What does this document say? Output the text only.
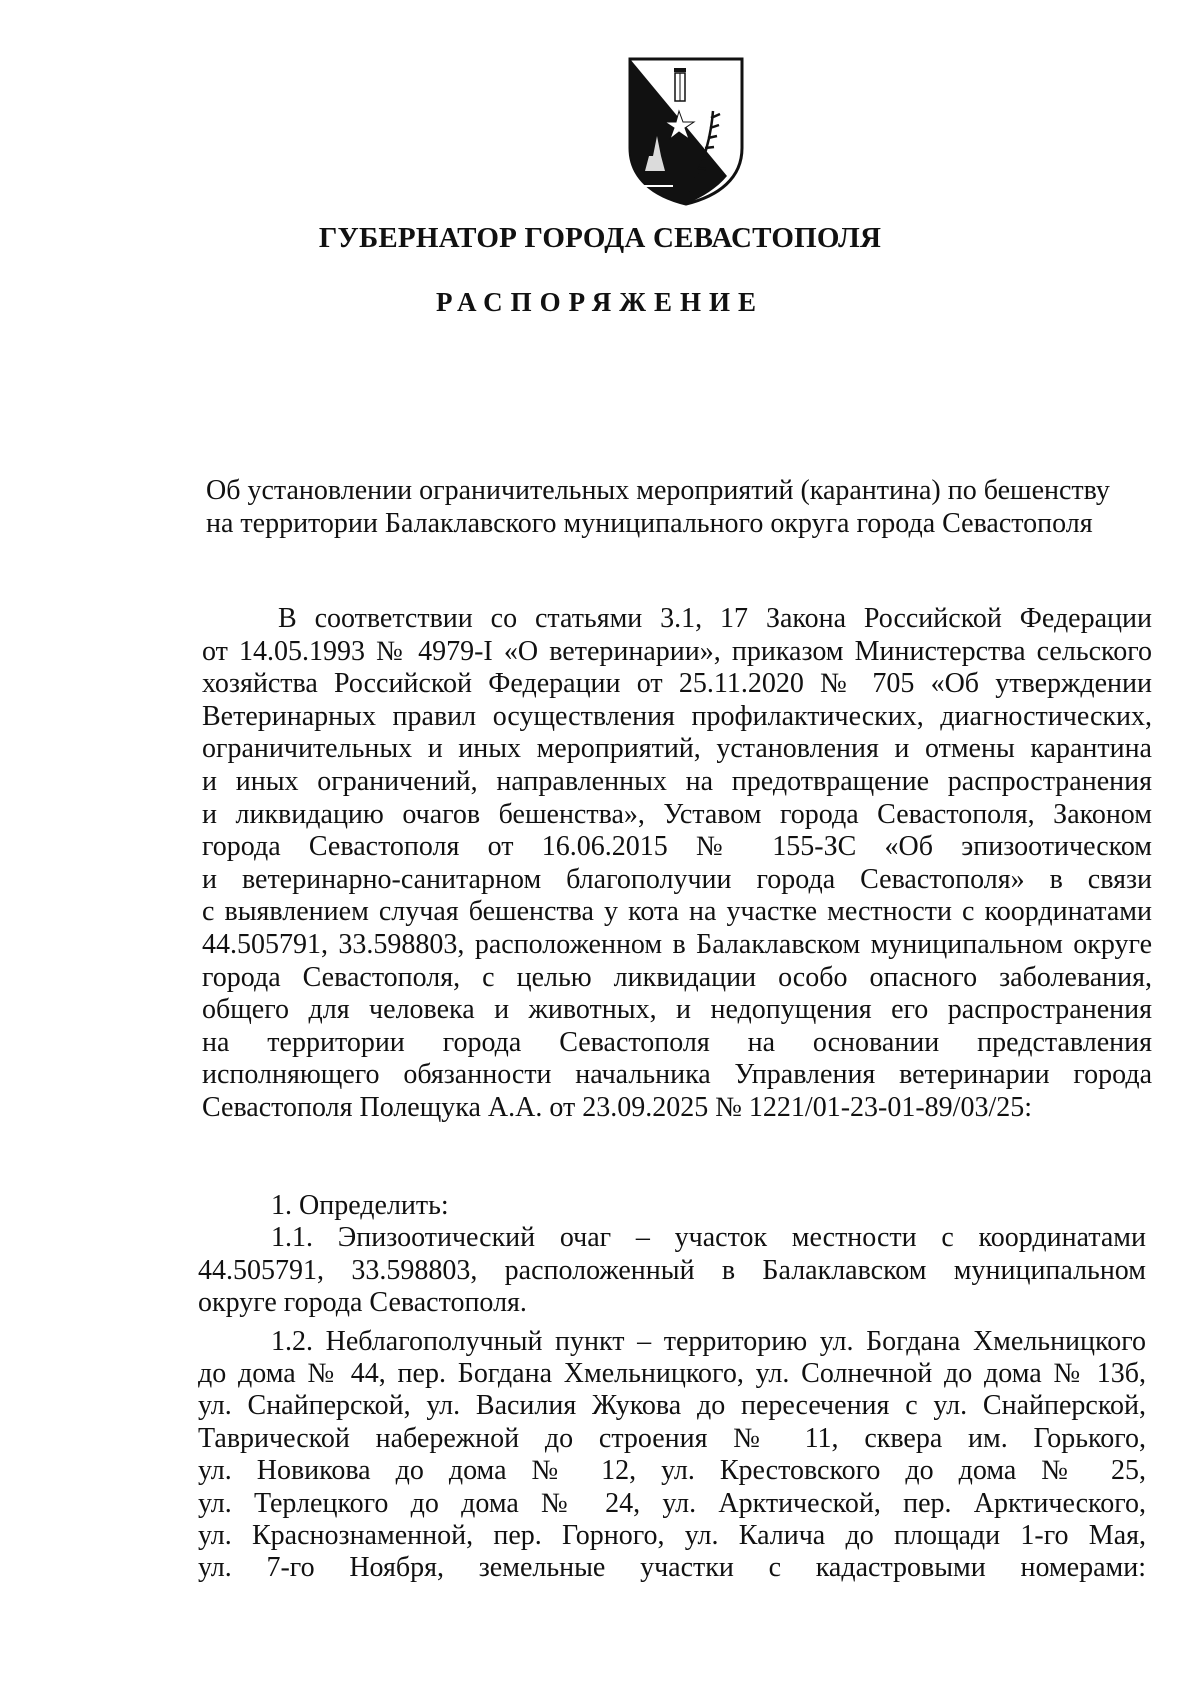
ГУБЕРНАТОР ГОРОДА СЕВАСТОПОЛЯ
РАСПОРЯЖЕНИЕ
Об установлении ограничительных мероприятий (карантина) по бешенству
на территории Балаклавского муниципального округа города Севастополя
В соответствии со статьями 3.1, 17 Закона Российской Федерации
от 14.05.1993 № 4979-I «О ветеринарии», приказом Министерства сельского
хозяйства Российской Федерации от 25.11.2020 № 705 «Об утверждении
Ветеринарных правил осуществления профилактических, диагностических,
ограничительных и иных мероприятий, установления и отмены карантина
и иных ограничений, направленных на предотвращение распространения
и ликвидацию очагов бешенства», Уставом города Севастополя, Законом
города Севастополя от 16.06.2015 № 155-ЗС «Об эпизоотическом
и ветеринарно-санитарном благополучии города Севастополя» в связи
с выявлением случая бешенства у кота на участке местности с координатами
44.505791, 33.598803, расположенном в Балаклавском муниципальном округе
города Севастополя, с целью ликвидации особо опасного заболевания,
общего для человека и животных, и недопущения его распространения
на территории города Севастополя на основании представления
исполняющего обязанности начальника Управления ветеринарии города
Севастополя Полещука А.А. от 23.09.2025 № 1221/01-23-01-89/03/25:
1. Определить:
1.1. Эпизоотический очаг – участок местности с координатами
44.505791, 33.598803, расположенный в Балаклавском муниципальном
округе города Севастополя.
1.2. Неблагополучный пункт – территорию ул. Богдана Хмельницкого
до дома № 44, пер. Богдана Хмельницкого, ул. Солнечной до дома № 13б,
ул. Снайперской, ул. Василия Жукова до пересечения с ул. Снайперской,
Таврической набережной до строения № 11, сквера им. Горького,
ул. Новикова до дома № 12, ул. Крестовского до дома № 25,
ул. Терлецкого до дома № 24, ул. Арктической, пер. Арктического,
ул. Краснознаменной, пер. Горного, ул. Калича до площади 1-го Мая,
ул. 7-го Ноября, земельные участки с кадастровыми номерами:
